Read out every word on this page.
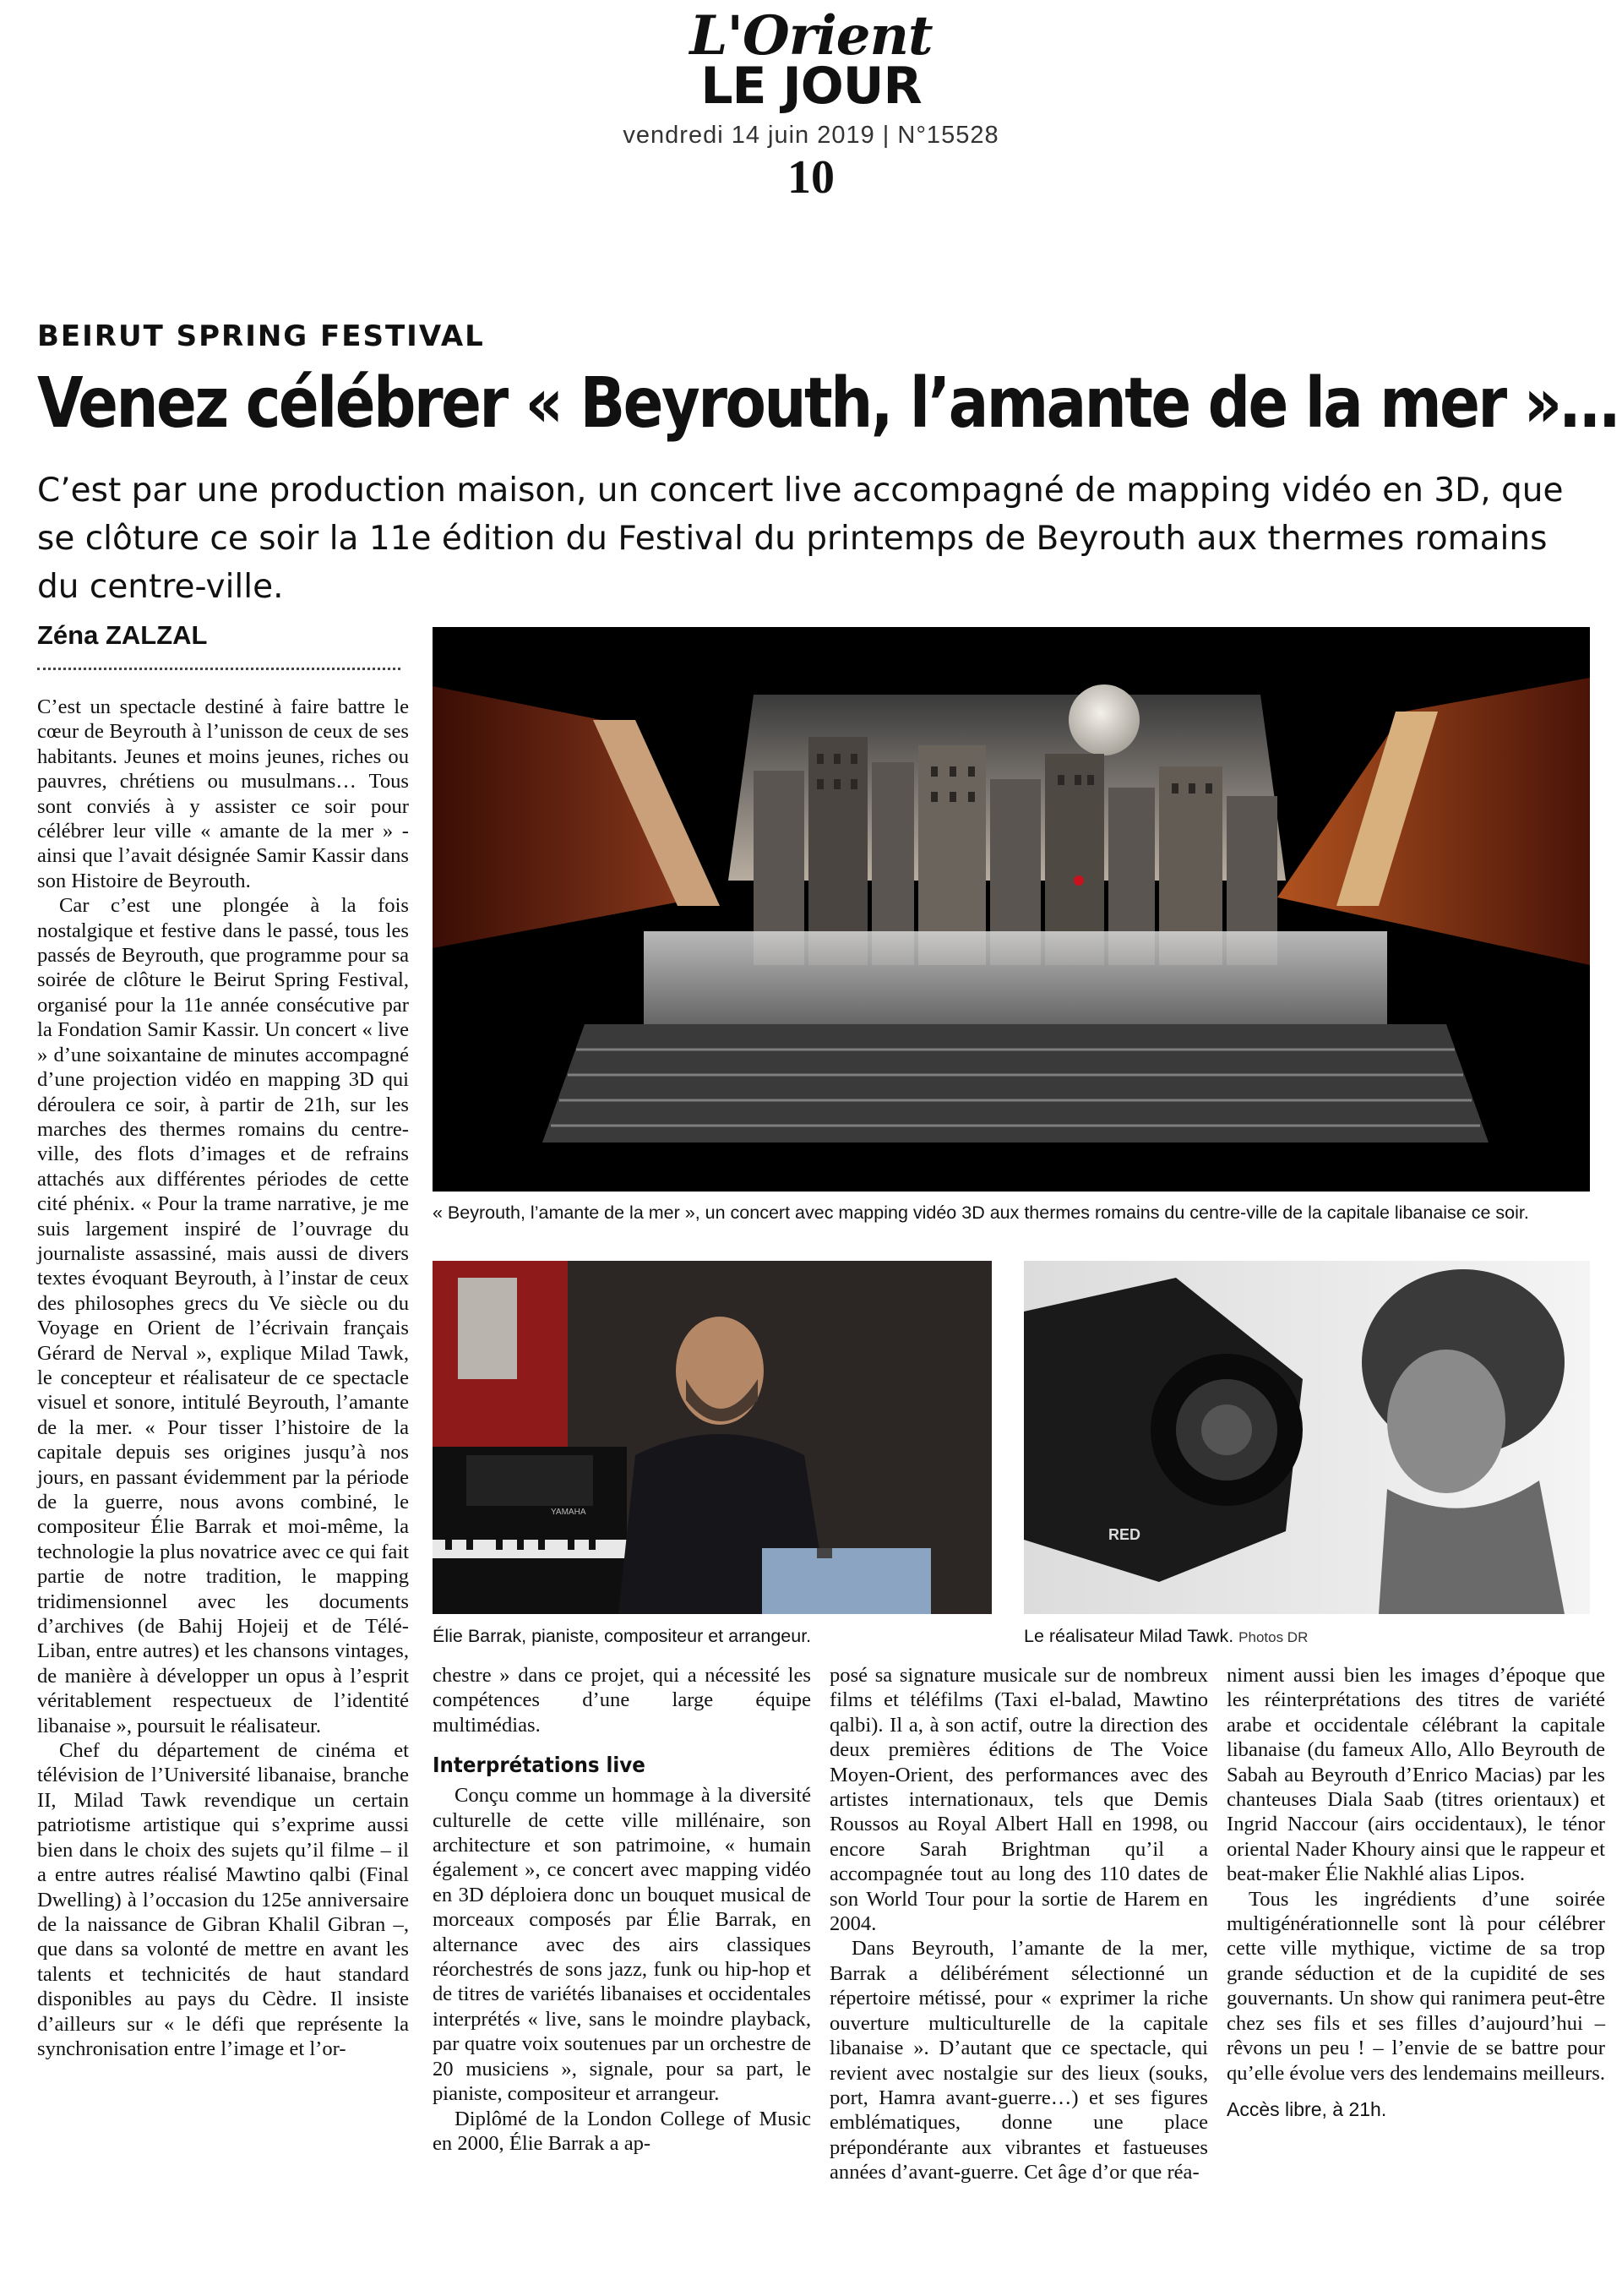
L'Orient
LE JOUR
vendredi 14 juin 2019 | N°15528
10
BEIRUT SPRING FESTIVAL
Venez célébrer « Beyrouth, l’amante de la mer »…
C’est par une production maison, un concert live accompagné de mapping vidéo en 3D, que se clôture ce soir la 11e édition du Festival du printemps de Beyrouth aux thermes romains du centre-ville.
Zéna ZALZAL

C’est un spectacle destiné à faire battre le cœur de Beyrouth à l’unisson de ceux de ses habitants. Jeunes et moins jeunes, riches ou pauvres, chrétiens ou musulmans… Tous sont conviés à y assister ce soir pour célébrer leur ville « amante de la mer » - ainsi que l’avait désignée Samir Kassir dans son Histoire de Beyrouth.

Car c’est une plongée à la fois nostalgique et festive dans le passé, tous les passés de Beyrouth, que programme pour sa soirée de clôture le Beirut Spring Festival, organisé pour la 11e année consécutive par la Fondation Samir Kassir. Un concert « live » d’une soixantaine de minutes accompagné d’une projection vidéo en mapping 3D qui déroulera ce soir, à partir de 21h, sur les marches des thermes romains du centre-ville, des flots d’images et de refrains attachés aux différentes périodes de cette cité phénix. « Pour la trame narrative, je me suis largement inspiré de l’ouvrage du journaliste assassiné, mais aussi de divers textes évoquant Beyrouth, à l’instar de ceux des philosophes grecs du Ve siècle ou du Voyage en Orient de l’écrivain français Gérard de Nerval », explique Milad Tawk, le concepteur et réalisateur de ce spectacle visuel et sonore, intitulé Beyrouth, l’amante de la mer. « Pour tisser l’histoire de la capitale depuis ses origines jusqu’à nos jours, en passant évidemment par la période de la guerre, nous avons combiné, le compositeur Élie Barrak et moi-même, la technologie la plus novatrice avec ce qui fait partie de notre tradition, le mapping tridimensionnel avec les documents d’archives (de Bahij Hojeij et de Télé-Liban, entre autres) et les chansons vintages, de manière à développer un opus à l’esprit véritablement respectueux de l’identité libanaise », poursuit le réalisateur.

Chef du département de cinéma et télévision de l’Université libanaise, branche II, Milad Tawk revendique un certain patriotisme artistique qui s’exprime aussi bien dans le choix des sujets qu’il filme – il a entre autres réalisé Mawtino qalbi (Final Dwelling) à l’occasion du 125e anniversaire de la naissance de Gibran Khalil Gibran –, que dans sa volonté de mettre en avant les talents et technicités de haut standard disponibles au pays du Cèdre. Il insiste d’ailleurs sur « le défi que représente la synchronisation entre l’image et l’or-

« Beyrouth, l’amante de la mer », un concert avec mapping vidéo 3D aux thermes romains du centre-ville de la capitale libanaise ce soir.
YAMAHA
Élie Barrak, pianiste, compositeur et arrangeur.
RED
Le réalisateur Milad Tawk. Photos DR

chestre » dans ce projet, qui a nécessité les compétences d’une large équipe multimédias.

Interprétations live

Conçu comme un hommage à la diversité culturelle de cette ville millénaire, son architecture et son patrimoine, « humain également », ce concert avec mapping vidéo en 3D déploiera donc un bouquet musical de morceaux composés par Élie Barrak, en alternance avec des airs classiques réorchestrés de sons jazz, funk ou hip-hop et de titres de variétés libanaises et occidentales interprétés « live, sans le moindre playback, par quatre voix soutenues par un orchestre de 20 musiciens », signale, pour sa part, le pianiste, compositeur et arrangeur.

Diplômé de la London College of Music en 2000, Élie Barrak a ap-

posé sa signature musicale sur de nombreux films et téléfilms (Taxi el-balad, Mawtino qalbi). Il a, à son actif, outre la direction des deux premières éditions de The Voice Moyen-Orient, des performances avec des artistes internationaux, tels que Demis Roussos au Royal Albert Hall en 1998, ou encore Sarah Brightman qu’il a accompagnée tout au long des 110 dates de son World Tour pour la sortie de Harem en 2004.

Dans Beyrouth, l’amante de la mer, Barrak a délibérément sélectionné un répertoire métissé, pour « exprimer la riche ouverture multiculturelle de la capitale libanaise ». D’autant que ce spectacle, qui revient avec nostalgie sur des lieux (souks, port, Hamra avant-guerre…) et ses figures emblématiques, donne une place prépondérante aux vibrantes et fastueuses années d’avant-guerre. Cet âge d’or que réa-

niment aussi bien les images d’époque que les réinterprétations des titres de variété arabe et occidentale célébrant la capitale libanaise (du fameux Allo, Allo Beyrouth de Sabah au Beyrouth d’Enrico Macias) par les chanteuses Diala Saab (titres orientaux) et Ingrid Naccour (airs occidentaux), le ténor oriental Nader Khoury ainsi que le rappeur et beat-maker Élie Nakhlé alias Lipos.

Tous les ingrédients d’une soirée multigénérationnelle sont là pour célébrer cette ville mythique, victime de sa trop grande séduction et de la cupidité de ses gouvernants. Un show qui ranimera peut-être chez ses fils et ses filles d’aujourd’hui – rêvons un peu ! – l’envie de se battre pour qu’elle évolue vers des lendemains meilleurs.

Accès libre, à 21h.
